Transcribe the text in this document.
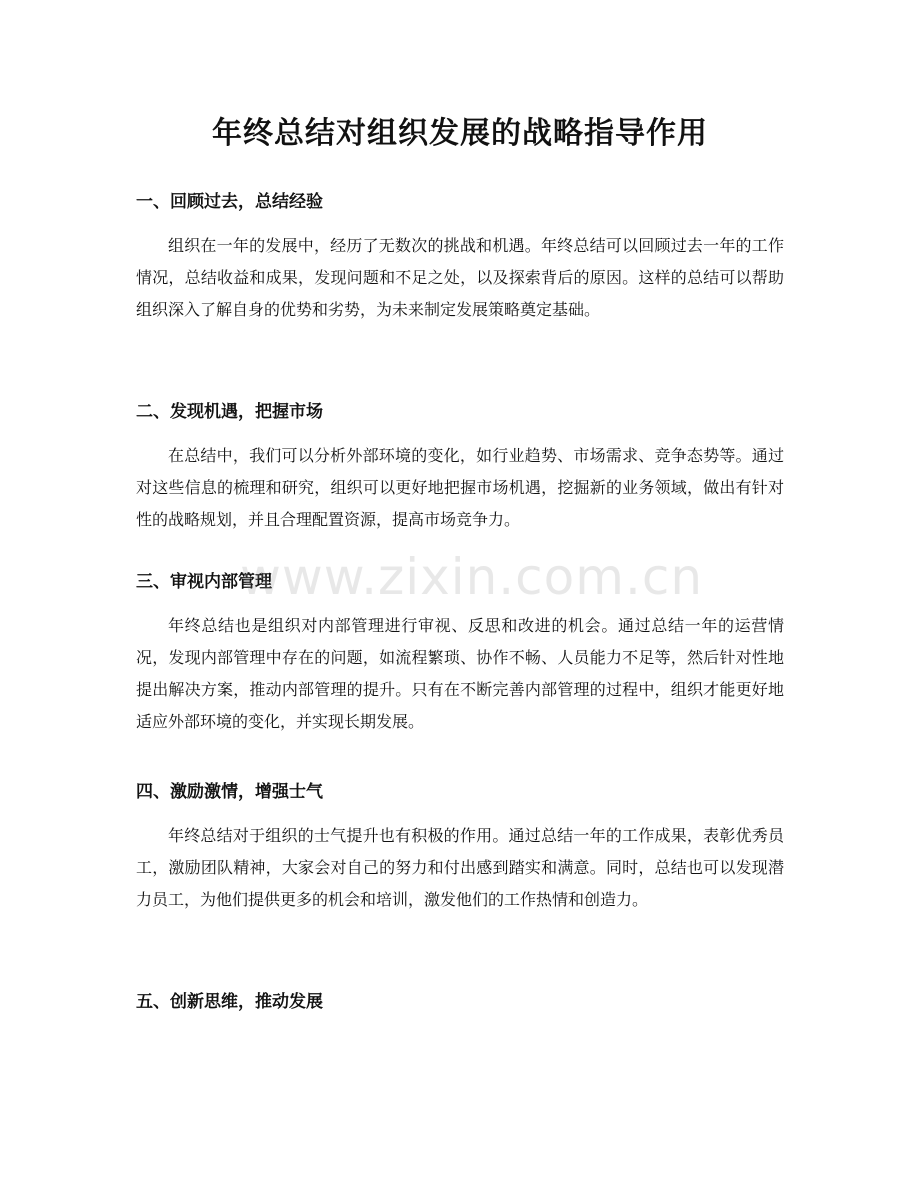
年终总结对组织发展的战略指导作用
一、回顾过去，总结经验

组织在一年的发展中，经历了无数次的挑战和机遇。年终总结可以回顾过去一年的工作情况，总结收益和成果，发现问题和不足之处，以及探索背后的原因。这样的总结可以帮助组织深入了解自身的优势和劣势，为未来制定发展策略奠定基础。

二、发现机遇，把握市场

在总结中，我们可以分析外部环境的变化，如行业趋势、市场需求、竞争态势等。通过对这些信息的梳理和研究，组织可以更好地把握市场机遇，挖掘新的业务领域，做出有针对性的战略规划，并且合理配置资源，提高市场竞争力。

三、审视内部管理

年终总结也是组织对内部管理进行审视、反思和改进的机会。通过总结一年的运营情况，发现内部管理中存在的问题，如流程繁琐、协作不畅、人员能力不足等，然后针对性地提出解决方案，推动内部管理的提升。只有在不断完善内部管理的过程中，组织才能更好地适应外部环境的变化，并实现长期发展。

四、激励激情，增强士气

年终总结对于组织的士气提升也有积极的作用。通过总结一年的工作成果，表彰优秀员工，激励团队精神，大家会对自己的努力和付出感到踏实和满意。同时，总结也可以发现潜力员工，为他们提供更多的机会和培训，激发他们的工作热情和创造力。

五、创新思维，推动发展
www.zixin.com.cn
